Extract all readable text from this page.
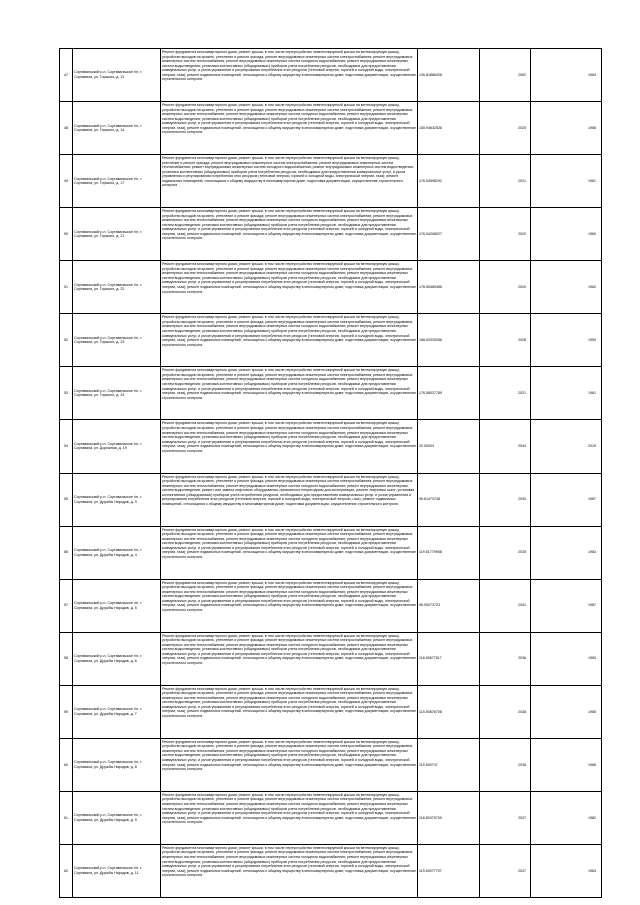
47	Сортавальский р-н, Сортавальское г/п, г. Сортавала, ул. Горького, д. 12	Ремонт фундамента многоквартирного дома; ремонт крыши, в том числе переустройство невентилируемой крыши на вентилируемую крышу, устройство выходов на кровлю, утепление и ремонт фасада; ремонт внутридомовых инженерных систем электроснабжения; ремонт внутридомовых инженерных систем теплоснабжения; ремонт внутридомовых инженерных систем холодного водоснабжения; ремонт внутридомовых инженерных систем водоотведения; установка коллективных (общедомовых) приборов учета потребления ресурсов, необходимых для предоставления коммунальных услуг, и узлов управления и регулирования потребления этих ресурсов (тепловой энергии, горячей и холодной воды, электрической энергии, газа); ремонт подвальных помещений, относящихся к общему имуществу в многоквартирном доме; подготовка документации, осуществление строительного контроля	126.81886426	2092	1984
48	Сортавальский р-н, Сортавальское г/п, г. Сортавала, ул. Горького, д. 14	Ремонт фундамента многоквартирного дома; ремонт крыши, в том числе переустройство невентилируемой крыши на вентилируемую крышу, устройство выходов на кровлю, утепление и ремонт фасада; ремонт внутридомовых инженерных систем электроснабжения; ремонт внутридомовых инженерных систем теплоснабжения; ремонт внутридомовых инженерных систем холодного водоснабжения; ремонт внутридомовых инженерных систем водоотведения; установка коллективных (общедомовых) приборов учета потребления ресурсов, необходимых для предоставления коммунальных услуг, и узлов управления и регулирования потребления этих ресурсов (тепловой энергии, горячей и холодной воды, электрической энергии, газа); ремонт подвальных помещений, относящихся к общему имуществу в многоквартирном доме; подготовка документации, осуществление строительного контроля	155.94632526	2025	1958
49	Сортавальский р-н, Сортавальское г/п, г. Сортавала, ул. Горького, д. 17	Ремонт фундамента многоквартирного дома; ремонт крыши, в том числе переустройство невентилируемой крыши на вентилируемую крышу, утепление и ремонт фасада; ремонт внутридомовых инженерных систем электроснабжения; ремонт внутридомовых инженерных систем теплоснабжения; ремонт внутридомовых инженерных систем холодного водоснабжения; ремонт внутридомовых инженерных систем водоотведения; установка коллективных (общедомовых) приборов учета потребления ресурсов, необходимых для предоставления коммунальных услуг, и узлов управления и регулирования потребления этих ресурсов (тепловой энергии, горячей и холодной воды, электрической энергии, газа); ремонт подвальных помещений, относящихся к общему имуществу в многоквартирном доме; подготовка документации, осуществление строительного контроля	176.54998292	2021	1961
50	Сортавальский р-н, Сортавальское г/п, г. Сортавала, ул. Горького, д. 21	Ремонт фундамента многоквартирного дома; ремонт крыши, в том числе переустройство невентилируемой крыши на вентилируемую крышу, устройство выходов на кровлю, утепление и ремонт фасада; ремонт внутридомовых инженерных систем электроснабжения; ремонт внутридомовых инженерных систем теплоснабжения; ремонт внутридомовых инженерных систем холодного водоснабжения; ремонт внутридомовых инженерных систем водоотведения; установка коллективных (общедомовых) приборов учета потребления ресурсов, необходимых для предоставления коммунальных услуг, и узлов управления и регулирования потребления этих ресурсов (тепловой энергии, горячей и холодной воды, электрической энергии, газа); ремонт подвальных помещений, относящихся к общему имуществу в многоквартирном доме; подготовка документации, осуществление строительного контроля	176.54298027	2020	1960
51	Сортавальский р-н, Сортавальское г/п, г. Сортавала, ул. Горького, д. 22	Ремонт фундамента многоквартирного дома; ремонт крыши, в том числе переустройство невентилируемой крыши на вентилируемую крышу, устройство выходов на кровлю, утепление и ремонт фасада; ремонт внутридомовых инженерных систем электроснабжения; ремонт внутридомовых инженерных систем теплоснабжения; ремонт внутридомовых инженерных систем холодного водоснабжения; ремонт внутридомовых инженерных систем водоотведения; установка коллективных (общедомовых) приборов учета потребления ресурсов, необходимых для предоставления коммунальных услуг, и узлов управления и регулирования потребления этих ресурсов (тепловой энергии, горячей и холодной воды, электрической энергии, газа); ремонт подвальных помещений, относящихся к общему имуществу в многоквартирном доме; подготовка документации, осуществление строительного контроля	176.55489466	2020	1962
52	Сортавальский р-н, Сортавальское г/п, г. Сортавала, ул. Горького, д. 23	Ремонт фундамента многоквартирного дома; ремонт крыши, в том числе переустройство невентилируемой крыши на вентилируемую крышу, устройство выходов на кровлю, утепление и ремонт фасада; ремонт внутридомовых инженерных систем электроснабжения; ремонт внутридомовых инженерных систем теплоснабжения; ремонт внутридомовых инженерных систем холодного водоснабжения; ремонт внутридомовых инженерных систем водоотведения; установка коллективных (общедомовых) приборов учета потребления ресурсов, необходимых для предоставления коммунальных услуг, и узлов управления и регулирования потребления этих ресурсов (тепловой энергии, горячей и холодной воды, электрической энергии, газа); ремонт подвальных помещений, относящихся к общему имуществу в многоквартирном доме; подготовка документации, осуществление строительного контроля	168.63330056	2028	1959
53	Сортавальский р-н, Сортавальское г/п, г. Сортавала, ул. Горького, д. 24	Ремонт фундамента многоквартирного дома; ремонт крыши, в том числе переустройство невентилируемой крыши на вентилируемую крышу, устройство выходов на кровлю, утепление и ремонт фасада; ремонт внутридомовых инженерных систем электроснабжения; ремонт внутридомовых инженерных систем теплоснабжения; ремонт внутридомовых инженерных систем холодного водоснабжения; ремонт внутридомовых инженерных систем водоотведения; установка коллективных (общедомовых) приборов учета потребления ресурсов, необходимых для предоставления коммунальных услуг, и узлов управления и регулирования потребления этих ресурсов (тепловой энергии, горячей и холодной воды, электрической энергии, газа); ремонт подвальных помещений, относящихся к общему имуществу в многоквартирном доме; подготовка документации, осуществление строительного контроля	176.58037789	2021	1961
54	Сортавальский р-н, Сортавальское г/п, г. Сортавала, ул. Дорожная, д. 19	Ремонт фундамента многоквартирного дома; ремонт крыши, в том числе переустройство невентилируемой крыши на вентилируемую крышу, устройство выходов на кровлю, утепление и ремонт фасада; ремонт внутридомовых инженерных систем электроснабжения; ремонт внутридомовых инженерных систем теплоснабжения; ремонт внутридомовых инженерных систем холодного водоснабжения; ремонт внутридомовых инженерных систем водоотведения; установка коллективных (общедомовых) приборов учета потребления ресурсов, необходимых для предоставления коммунальных услуг, и узлов управления и регулирования потребления этих ресурсов (тепловой энергии, горячей и холодной воды, электрической энергии, газа); ремонт подвальных помещений, относящихся к общему имуществу в многоквартирном доме; подготовка документации, осуществление строительного контроля	20.50003	2044	2015
55	Сортавальский р-н, Сортавальское г/п, г. Сортавала, ул. Дружбы Народов, д. 3	Ремонт фундамента многоквартирного дома; ремонт крыши, в том числе переустройство невентилируемой крыши на вентилируемую крышу, устройство выходов на кровлю, утепление и ремонт фасада; ремонт внутридомовых инженерных систем электроснабжения; ремонт внутридомовых инженерных систем теплоснабжения; ремонт внутридомовых инженерных систем холодного водоснабжения; ремонт внутридомовых инженерных систем водоотведения; ремонт или замена лифтового оборудования, признанного непригодным для эксплуатации, ремонт лифтовых шахт; установка коллективных (общедомовых) приборов учета потребления ресурсов, необходимых для предоставления коммунальных услуг, и узлов управления и регулирования потребления этих ресурсов (тепловой энергии, горячей и холодной воды, электрической энергии, газа); ремонт подвальных помещений, относящихся к общему имуществу в многоквартирном доме; подготовка документации, осуществление строительного контроля	95.61473748	2030	1987
56	Сортавальский р-н, Сортавальское г/п, г. Сортавала, ул. Дружбы Народов, д. 4	Ремонт фундамента многоквартирного дома; ремонт крыши, в том числе переустройство невентилируемой крыши на вентилируемую крышу, устройство выходов на кровлю, утепление и ремонт фасада; ремонт внутридомовых инженерных систем электроснабжения; ремонт внутридомовых инженерных систем теплоснабжения; ремонт внутридомовых инженерных систем холодного водоснабжения; ремонт внутридомовых инженерных систем водоотведения; установка коллективных (общедомовых) приборов учета потребления ресурсов, необходимых для предоставления коммунальных услуг, и узлов управления и регулирования потребления этих ресурсов (тепловой энергии, горячей и холодной воды, электрической энергии, газа); ремонт подвальных помещений, относящихся к общему имуществу в многоквартирном доме; подготовка документации, осуществление строительного контроля	119.51779958	2035	1983
57	Сортавальский р-н, Сортавальское г/п, г. Сортавала, ул. Дружбы Народов, д. 5	Ремонт фундамента многоквартирного дома; ремонт крыши, в том числе переустройство невентилируемой крыши на вентилируемую крышу, устройство выходов на кровлю, утепление и ремонт фасада; ремонт внутридомовых инженерных систем электроснабжения; ремонт внутридомовых инженерных систем теплоснабжения; ремонт внутридомовых инженерных систем холодного водоснабжения; ремонт внутридомовых инженерных систем водоотведения; установка коллективных (общедомовых) приборов учета потребления ресурсов, необходимых для предоставления коммунальных услуг, и узлов управления и регулирования потребления этих ресурсов (тепловой энергии, горячей и холодной воды, электрической энергии, газа); ремонт подвальных помещений, относящихся к общему имуществу в многоквартирном доме; подготовка документации, осуществление строительного контроля	96.90073723	2041	1987
58	Сортавальский р-н, Сортавальское г/п, г. Сортавала, ул. Дружбы Народов, д. 6	Ремонт фундамента многоквартирного дома; ремонт крыши, в том числе переустройство невентилируемой крыши на вентилируемую крышу, устройство выходов на кровлю, утепление и ремонт фасада; ремонт внутридомовых инженерных систем электроснабжения; ремонт внутридомовых инженерных систем теплоснабжения; ремонт внутридомовых инженерных систем холодного водоснабжения; ремонт внутридомовых инженерных систем водоотведения; установка коллективных (общедомовых) приборов учета потребления ресурсов, необходимых для предоставления коммунальных услуг, и узлов управления и регулирования потребления этих ресурсов (тепловой энергии, горячей и холодной воды, электрической энергии, газа); ремонт подвальных помещений, относящихся к общему имуществу в многоквартирном доме; подготовка документации, осуществление строительного контроля	118.50677517	2036	1983
59	Сортавальский р-н, Сортавальское г/п, г. Сортавала, ул. Дружбы Народов, д. 7	Ремонт фундамента многоквартирного дома; ремонт крыши, в том числе переустройство невентилируемой крыши на вентилируемую крышу, устройство выходов на кровлю, утепление и ремонт фасада; ремонт внутридомовых инженерных систем электроснабжения; ремонт внутридомовых инженерных систем теплоснабжения; ремонт внутридомовых инженерных систем холодного водоснабжения; ремонт внутридомовых инженерных систем водоотведения; установка коллективных (общедомовых) приборов учета потребления ресурсов, необходимых для предоставления коммунальных услуг, и узлов управления и регулирования потребления этих ресурсов (тепловой энергии, горячей и холодной воды, электрической энергии, газа); ремонт подвальных помещений, относящихся к общему имуществу в многоквартирном доме; подготовка документации, осуществление строительного контроля	115.50876708	2038	1985
60	Сортавальский р-н, Сортавальское г/п, г. Сортавала, ул. Дружбы Народов, д. 8	Ремонт фундамента многоквартирного дома; ремонт крыши, в том числе переустройство невентилируемой крыши на вентилируемую крышу, устройство выходов на кровлю, утепление и ремонт фасада; ремонт внутридомовых инженерных систем электроснабжения; ремонт внутридомовых инженерных систем теплоснабжения; ремонт внутридомовых инженерных систем холодного водоснабжения; ремонт внутридомовых инженерных систем водоотведения; установка коллективных (общедомовых) приборов учета потребления ресурсов, необходимых для предоставления коммунальных услуг, и узлов управления и регулирования потребления этих ресурсов (тепловой энергии, горячей и холодной воды, электрической энергии, газа); ремонт подвальных помещений, относящихся к общему имуществу в многоквартирном доме; подготовка документации, осуществление строительного контроля	115.500747	2038	1986
61	Сортавальский р-н, Сортавальское г/п, г. Сортавала, ул. Дружбы Народов, д. 9	Ремонт фундамента многоквартирного дома; ремонт крыши, в том числе переустройство невентилируемой крыши на вентилируемую крышу, устройство выходов на кровлю, утепление и ремонт фасада; ремонт внутридомовых инженерных систем электроснабжения; ремонт внутридомовых инженерных систем теплоснабжения; ремонт внутридомовых инженерных систем холодного водоснабжения; ремонт внутридомовых инженерных систем водоотведения; установка коллективных (общедомовых) приборов учета потребления ресурсов, необходимых для предоставления коммунальных услуг, и узлов управления и регулирования потребления этих ресурсов (тепловой энергии, горячей и холодной воды, электрической энергии, газа); ремонт подвальных помещений, относящихся к общему имуществу в многоквартирном доме; подготовка документации, осуществление строительного контроля	116.50379709	2037	1982
62	Сортавальский р-н, Сортавальское г/п, г. Сортавала, ул. Дружбы Народов, д. 11	Ремонт фундамента многоквартирного дома; ремонт крыши, в том числе переустройство невентилируемой крыши на вентилируемую крышу, устройство выходов на кровлю, утепление и ремонт фасада; ремонт внутридомовых инженерных систем электроснабжения; ремонт внутридомовых инженерных систем теплоснабжения; ремонт внутридомовых инженерных систем холодного водоснабжения; ремонт внутридомовых инженерных систем водоотведения; установка коллективных (общедомовых) приборов учета потребления ресурсов, необходимых для предоставления коммунальных услуг, и узлов управления и регулирования потребления этих ресурсов (тепловой энергии, горячей и холодной воды, электрической энергии, газа); ремонт подвальных помещений, относящихся к общему имуществу в многоквартирном доме; подготовка документации, осуществление строительного контроля	115.50077707	2037	1983
